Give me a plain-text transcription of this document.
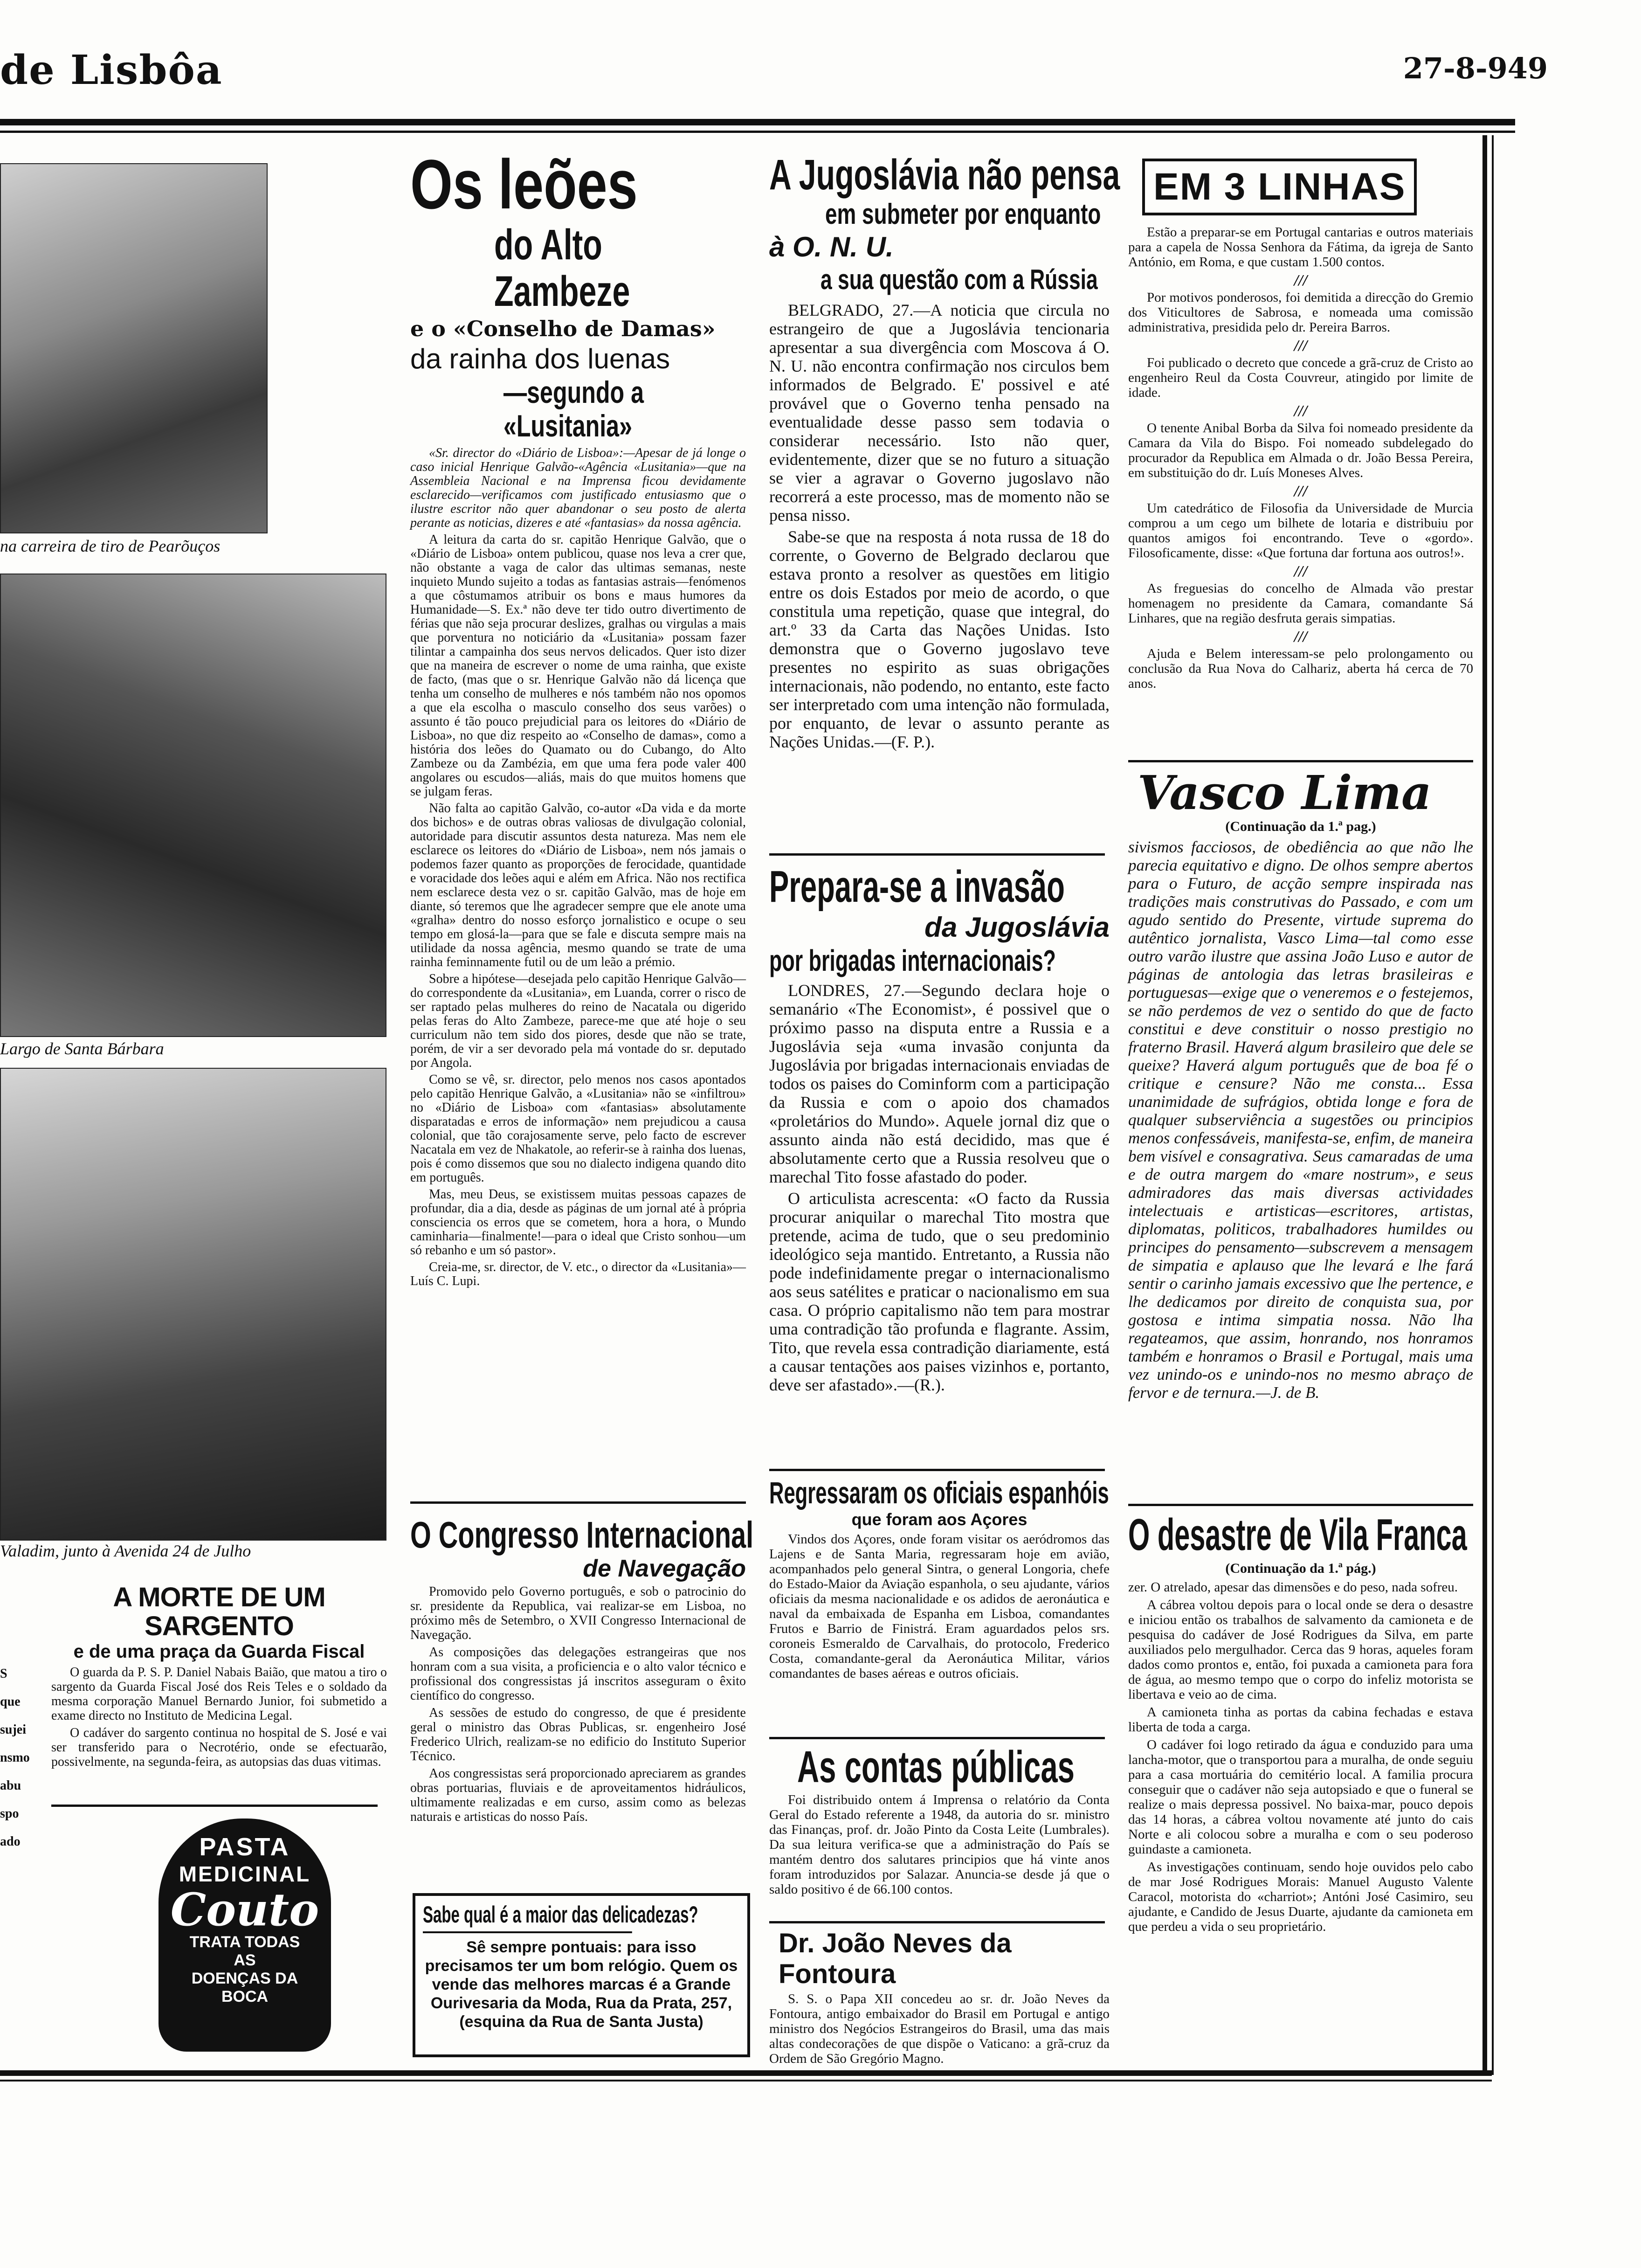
de Lisbôa	27-8-949
na carreira de tiro de Pearõuços
Largo de Santa Bárbara
Valadim, junto à Avenida 24 de Julho
A MORTE DE UM SARGENTO
e de uma praça da Guarda Fiscal

O guarda da P. S. P. Daniel Nabais Baião, que matou a tiro o sargento da Guarda Fiscal José dos Reis Teles e o soldado da mesma corporação Manuel Bernardo Junior, foi submetido a exame directo no Instituto de Medicina Legal.

O cadáver do sargento continua no hospital de S. José e vai ser transferido para o Necrotério, onde se efectuarão, possivelmente, na segunda-feira, as autopsias das duas vitimas.

S
que
sujei
nsmo
abu
spo
ado	PASTA
MEDICINAL
Couto
TRATA TODAS
AS
DOENÇAS DA
BOCA
Os leões
do Alto Zambeze
e o «Conselho de Damas»
da rainha dos luenas
—segundo a «Lusitania»

«Sr. director do «Diário de Lisboa»:—Apesar de já longe o caso inicial Henrique Galvão-«Agência «Lusitania»—que na Assembleia Nacional e na Imprensa ficou devidamente esclarecido—verificamos com justificado entusiasmo que o ilustre escritor não quer abandonar o seu posto de alerta perante as noticias, dizeres e até «fantasias» da nossa agência.

A leitura da carta do sr. capitão Henrique Galvão, que o «Diário de Lisboa» ontem publicou, quase nos leva a crer que, não obstante a vaga de calor das ultimas semanas, neste inquieto Mundo sujeito a todas as fantasias astrais—fenómenos a que côstumamos atribuir os bons e maus humores da Humanidade—S. Ex.ª não deve ter tido outro divertimento de férias que não seja procurar deslizes, gralhas ou virgulas a mais que porventura no noticiário da «Lusitania» possam fazer tilintar a campainha dos seus nervos delicados. Quer isto dizer que na maneira de escrever o nome de uma rainha, que existe de facto, (mas que o sr. Henrique Galvão não dá licença que tenha um conselho de mulheres e nós também não nos opomos a que ela escolha o masculo conselho dos seus varões) o assunto é tão pouco prejudicial para os leitores do «Diário de Lisboa», no que diz respeito ao «Conselho de damas», como a história dos leões do Quamato ou do Cubango, do Alto Zambeze ou da Zambézia, em que uma fera pode valer 400 angolares ou escudos—aliás, mais do que muitos homens que se julgam feras.

Não falta ao capitão Galvão, co-autor «Da vida e da morte dos bichos» e de outras obras valiosas de divulgação colonial, autoridade para discutir assuntos desta natureza. Mas nem ele esclarece os leitores do «Diário de Lisboa», nem nós jamais o podemos fazer quanto as proporções de ferocidade, quantidade e voracidade dos leões aqui e além em Africa. Não nos rectifica nem esclarece desta vez o sr. capitão Galvão, mas de hoje em diante, só teremos que lhe agradecer sempre que ele anote uma «gralha» dentro do nosso esforço jornalistico e ocupe o seu tempo em glosá-la—para que se fale e discuta sempre mais na utilidade da nossa agência, mesmo quando se trate de uma rainha feminnamente futil ou de um leão a prémio.

Sobre a hipótese—desejada pelo capitão Henrique Galvão—do correspondente da «Lusitania», em Luanda, correr o risco de ser raptado pelas mulheres do reino de Nacatala ou digerido pelas feras do Alto Zambeze, parece-me que até hoje o seu curriculum não tem sido dos piores, desde que não se trate, porém, de vir a ser devorado pela má vontade do sr. deputado por Angola.

Como se vê, sr. director, pelo menos nos casos apontados pelo capitão Henrique Galvão, a «Lusitania» não se «infiltrou» no «Diário de Lisboa» com «fantasias» absolutamente disparatadas e erros de informação» nem prejudicou a causa colonial, que tão corajosamente serve, pelo facto de escrever Nacatala em vez de Nhakatole, ao referir-se à rainha dos luenas, pois é como dissemos que sou no dialecto indigena quando dito em português.

Mas, meu Deus, se existissem muitas pessoas capazes de profundar, dia a dia, desde as páginas de um jornal até à própria consciencia os erros que se cometem, hora a hora, o Mundo caminharia—finalmente!—para o ideal que Cristo sonhou—um só rebanho e um só pastor».

Creia-me, sr. director, de V. etc., o director da «Lusitania»—Luís C. Lupi.

O Congresso Internacional
de Navegação

Promovido pelo Governo português, e sob o patrocinio do sr. presidente da Republica, vai realizar-se em Lisboa, no próximo mês de Setembro, o XVII Congresso Internacional de Navegação.

As composições das delegações estrangeiras que nos honram com a sua visita, a proficiencia e o alto valor técnico e profissional dos congressistas já inscritos asseguram o êxito científico do congresso.

As sessões de estudo do congresso, de que é presidente geral o ministro das Obras Publicas, sr. engenheiro José Frederico Ulrich, realizam-se no edificio do Instituto Superior Técnico.

Aos congressistas será proporcionado apreciarem as grandes obras portuarias, fluviais e de aproveitamentos hidráulicos, ultimamente realizadas e em curso, assim como as belezas naturais e artisticas do nosso País.

Sabe qual é a maior das delicadezas?
Sê sempre pontuais: para isso precisamos ter um bom relógio. Quem os vende das melhores marcas é a Grande Ourivesaria da Moda, Rua da Prata, 257, (esquina da Rua de Santa Justa)
A Jugoslávia não pensa
em submeter por enquanto
à O. N. U.
a sua questão com a Rússia

BELGRADO, 27.—A noticia que circula no estrangeiro de que a Jugoslávia tencionaria apresentar a sua divergência com Moscova á O. N. U. não encontra confirmação nos circulos bem informados de Belgrado. E' possivel e até provável que o Governo tenha pensado na eventualidade desse passo sem todavia o considerar necessário. Isto não quer, evidentemente, dizer que se no futuro a situação se vier a agravar o Governo jugoslavo não recorrerá a este processo, mas de momento não se pensa nisso.

Sabe-se que na resposta á nota russa de 18 do corrente, o Governo de Belgrado declarou que estava pronto a resolver as questões em litigio entre os dois Estados por meio de acordo, o que constitula uma repetição, quase que integral, do art.º 33 da Carta das Nações Unidas. Isto demonstra que o Governo jugoslavo teve presentes no espirito as suas obrigações internacionais, não podendo, no entanto, este facto ser interpretado com uma intenção não formulada, por enquanto, de levar o assunto perante as Nações Unidas.—(F. P.).

Prepara-se a invasão
da Jugoslávia
por brigadas internacionais?

LONDRES, 27.—Segundo declara hoje o semanário «The Economist», é possivel que o próximo passo na disputa entre a Russia e a Jugoslávia seja «uma invasão conjunta da Jugoslávia por brigadas internacionais enviadas de todos os paises do Cominform com a participação da Russia e com o apoio dos chamados «proletários do Mundo». Aquele jornal diz que o assunto ainda não está decidido, mas que é absolutamente certo que a Russia resolveu que o marechal Tito fosse afastado do poder.

O articulista acrescenta: «O facto da Russia procurar aniquilar o marechal Tito mostra que pretende, acima de tudo, que o seu predominio ideológico seja mantido. Entretanto, a Russia não pode indefinidamente pregar o internacionalismo aos seus satélites e praticar o nacionalismo em sua casa. O próprio capitalismo não tem para mostrar uma contradição tão profunda e flagrante. Assim, Tito, que revela essa contradição diariamente, está a causar tentações aos paises vizinhos e, portanto, deve ser afastado».—(R.).

Regressaram os oficiais espanhóis
que foram aos Açores

Vindos dos Açores, onde foram visitar os aeródromos das Lajens e de Santa Maria, regressaram hoje em avião, acompanhados pelo general Sintra, o general Longoria, chefe do Estado-Maior da Aviação espanhola, o seu ajudante, vários oficiais da mesma nacionalidade e os adidos de aeronáutica e naval da embaixada de Espanha em Lisboa, comandantes Frutos e Barrio de Finistrá. Eram aguardados pelos srs. coroneis Esmeraldo de Carvalhais, do protocolo, Frederico Costa, comandante-geral da Aeronáutica Militar, vários comandantes de bases aéreas e outros oficiais.

As contas públicas

Foi distribuido ontem á Imprensa o relatório da Conta Geral do Estado referente a 1948, da autoria do sr. ministro das Finanças, prof. dr. João Pinto da Costa Leite (Lumbrales). Da sua leitura verifica-se que a administração do País se mantém dentro dos salutares principios que há vinte anos foram introduzidos por Salazar. Anuncia-se desde já que o saldo positivo é de 66.100 contos.

Dr. João Neves da Fontoura

S. S. o Papa XII concedeu ao sr. dr. João Neves da Fontoura, antigo embaixador do Brasil em Portugal e antigo ministro dos Negócios Estrangeiros do Brasil, uma das mais altas condecorações de que dispõe o Vaticano: a grã-cruz da Ordem de São Gregório Magno.

EM 3 LINHAS

Estão a preparar-se em Portugal cantarias e outros materiais para a capela de Nossa Senhora da Fátima, da igreja de Santo António, em Roma, e que custam 1.500 contos.

///

Por motivos ponderosos, foi demitida a direcção do Gremio dos Viticultores de Sabrosa, e nomeada uma comissão administrativa, presidida pelo dr. Pereira Barros.

///

Foi publicado o decreto que concede a grã-cruz de Cristo ao engenheiro Reul da Costa Couvreur, atingido por limite de idade.

///

O tenente Anibal Borba da Silva foi nomeado presidente da Camara da Vila do Bispo. Foi nomeado subdelegado do procurador da Republica em Almada o dr. João Bessa Pereira, em substituição do dr. Luís Moneses Alves.

///

Um catedrático de Filosofia da Universidade de Murcia comprou a um cego um bilhete de lotaria e distribuiu por quantos amigos foi encontrando. Teve o «gordo». Filosoficamente, disse: «Que fortuna dar fortuna aos outros!».

///

As freguesias do concelho de Almada vão prestar homenagem no presidente da Camara, comandante Sá Linhares, que na região desfruta gerais simpatias.

///

Ajuda e Belem interessam-se pelo prolongamento ou conclusão da Rua Nova do Calhariz, aberta há cerca de 70 anos.

Vasco Lima
(Continuação da 1.ª pag.)

sivismos facciosos, de obediência ao que não lhe parecia equitativo e digno. De olhos sempre abertos para o Futuro, de acção sempre inspirada nas tradições mais construtivas do Passado, e com um agudo sentido do Presente, virtude suprema do autêntico jornalista, Vasco Lima—tal como esse outro varão ilustre que assina João Luso e autor de páginas de antologia das letras brasileiras e portuguesas—exige que o veneremos e o festejemos, se não perdemos de vez o sentido do que de facto constitui e deve constituir o nosso prestigio no fraterno Brasil. Haverá algum brasileiro que dele se queixe? Haverá algum português que de boa fé o critique e censure? Não me consta... Essa unanimidade de sufrágios, obtida longe e fora de qualquer subserviência a sugestões ou principios menos confessáveis, manifesta-se, enfim, de maneira bem visível e consagrativa. Seus camaradas de uma e de outra margem do «mare nostrum», e seus admiradores das mais diversas actividades intelectuais e artisticas—escritores, artistas, diplomatas, politicos, trabalhadores humildes ou principes do pensamento—subscrevem a mensagem de simpatia e aplauso que lhe levará e lhe fará sentir o carinho jamais excessivo que lhe pertence, e lhe dedicamos por direito de conquista sua, por gostosa e intima simpatia nossa. Não lha regateamos, que assim, honrando, nos honramos também e honramos o Brasil e Portugal, mais uma vez unindo-os e unindo-nos no mesmo abraço de fervor e de ternura.—J. de B.

O desastre de Vila Franca
(Continuação da 1.ª pág.)

zer. O atrelado, apesar das dimensões e do peso, nada sofreu.

A cábrea voltou depois para o local onde se dera o desastre e iniciou então os trabalhos de salvamento da camioneta e de pesquisa do cadáver de José Rodrigues da Silva, em parte auxiliados pelo mergulhador. Cerca das 9 horas, aqueles foram dados como prontos e, então, foi puxada a camioneta para fora de água, ao mesmo tempo que o corpo do infeliz motorista se libertava e veio ao de cima.

A camioneta tinha as portas da cabina fechadas e estava liberta de toda a carga.

O cadáver foi logo retirado da água e conduzido para uma lancha-motor, que o transportou para a muralha, de onde seguiu para a casa mortuária do cemitério local. A familia procura conseguir que o cadáver não seja autopsiado e que o funeral se realize o mais depressa possivel. No baixa-mar, pouco depois das 14 horas, a cábrea voltou novamente até junto do cais Norte e ali colocou sobre a muralha e com o seu poderoso guindaste a camioneta.

As investigações continuam, sendo hoje ouvidos pelo cabo de mar José Rodrigues Morais: Manuel Augusto Valente Caracol, motorista do «charriot»; Antóni José Casimiro, seu ajudante, e Candido de Jesus Duarte, ajudante da camioneta em que perdeu a vida o seu proprietário.
